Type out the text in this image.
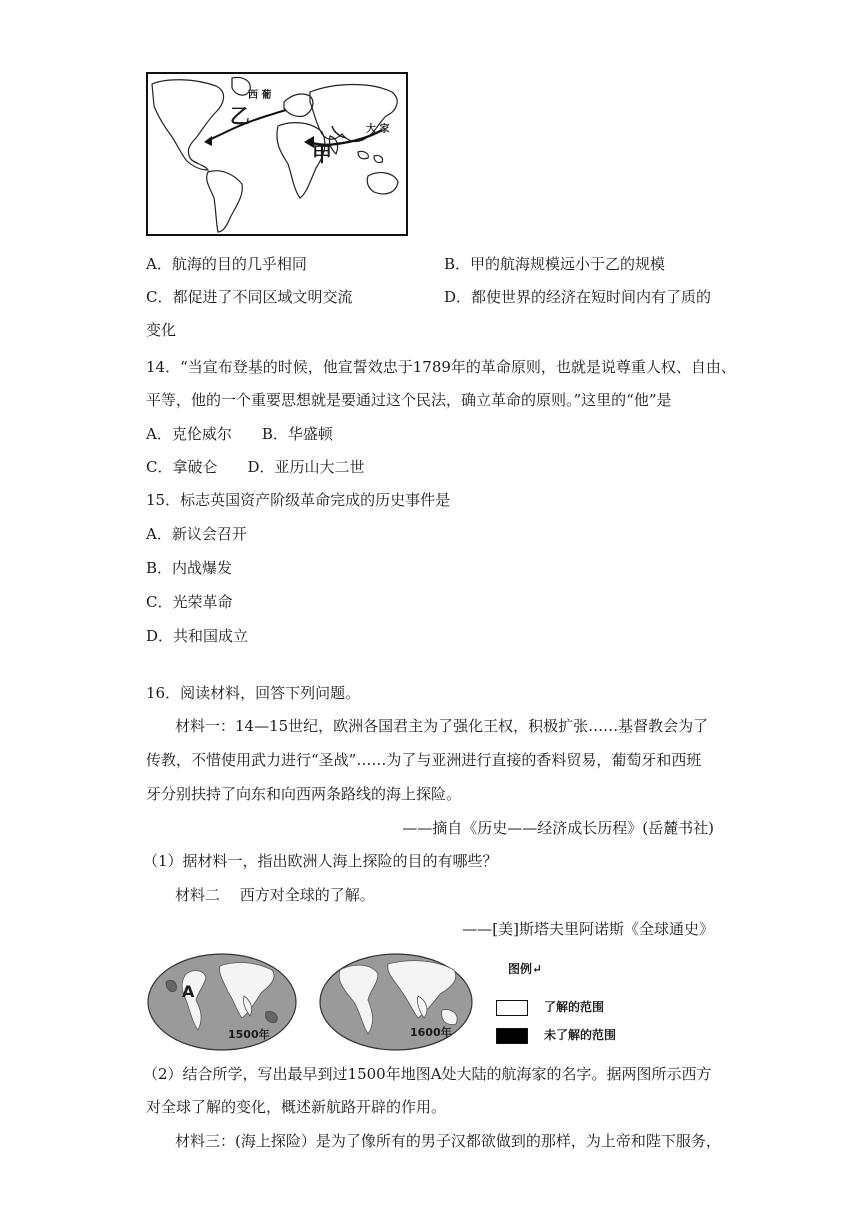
西 葡
乙
甲
大 家
A．航海的目的几乎相同	B．甲的航海规模远小于乙的规模
C．都促进了不同区域文明交流	D．都使世界的经济在短时间内有了质的
变化
14．“当宣布登基的时候，他宣誓效忠于1789年的革命原则，也就是说尊重人权、自由、
平等，他的一个重要思想就是要通过这个民法，确立革命的原则。”这里的“他”是
A．克伦威尔　　B．华盛顿
C．拿破仑　　D．亚历山大二世
15．标志英国资产阶级革命完成的历史事件是
A．新议会召开
B．内战爆发
C．光荣革命
D．共和国成立
16．阅读材料，回答下列问题。
材料一：14—15世纪，欧洲各国君主为了强化王权，积极扩张……基督教会为了
传教，不惜使用武力进行“圣战”……为了与亚洲进行直接的香料贸易，葡萄牙和西班
牙分别扶持了向东和向西两条路线的海上探险。
——摘自《历史——经济成长历程》(岳麓书社)
（1）据材料一，指出欧洲人海上探险的目的有哪些？
材料二　 西方对全球的了解。
——[美]斯塔夫里阿诺斯《全球通史》
A
1500年	1600年
图例↵
了解的范围
未了解的范围
（2）结合所学，写出最早到过1500年地图A处大陆的航海家的名字。据两图所示西方
对全球了解的变化，概述新航路开辟的作用。
材料三：(海上探险）是为了像所有的男子汉都欲做到的那样，为上帝和陛下服务，
